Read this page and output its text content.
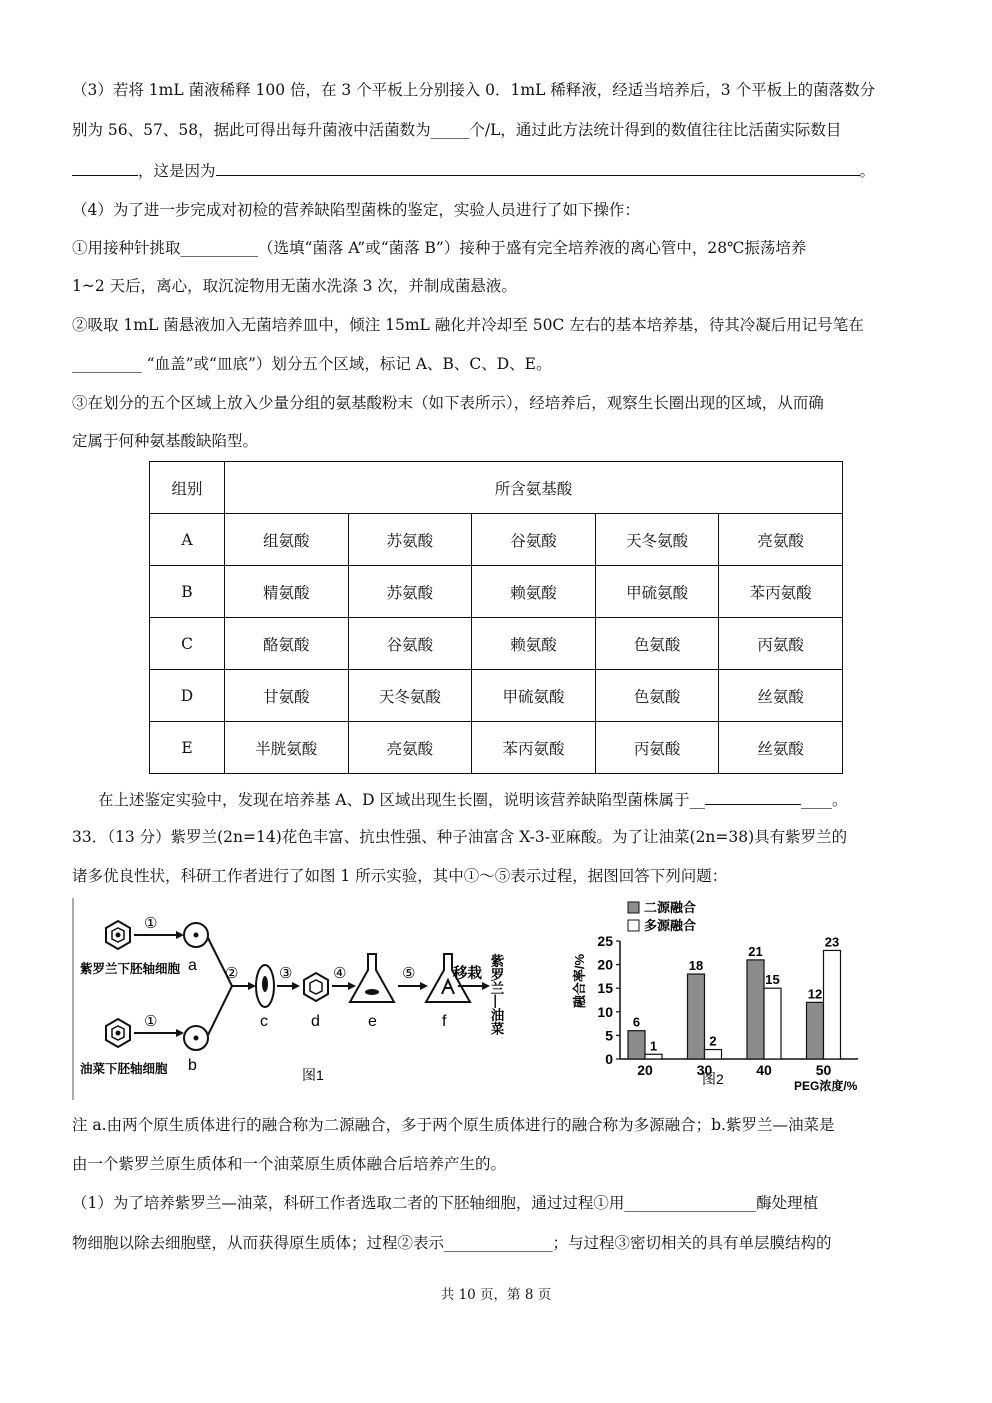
（3）若将 1mL 菌液稀释 100 倍，在 3 个平板上分别接入 0．1mL 稀释液，经适当培养后，3 个平板上的菌落数分
别为 56、57、58，据此可得出每升菌液中活菌数为_____个/L，通过此方法统计得到的数值往往比活菌实际数目
，这是因为	。
（4）为了进一步完成对初检的营养缺陷型菌株的鉴定，实验人员进行了如下操作：
①用接种针挑取__________（选填“菌落 A”或“菌落 B”）接种于盛有完全培养液的离心管中，28℃振荡培养
1~2 天后，离心，取沉淀物用无菌水洗涤 3 次，并制成菌悬液。
②吸取 1mL 菌悬液加入无菌培养皿中，倾注 15mL 融化并冷却至 50C 左右的基本培养基，待其冷凝后用记号笔在
_________ “血盖”或“皿底”）划分五个区域，标记 A、B、C、D、E。
③在划分的五个区域上放入少量分组的氨基酸粉末（如下表所示），经培养后，观察生长圈出现的区域，从而确
定属于何种氨基酸缺陷型。
组别	所含氨基酸				
A	组氨酸	苏氨酸	谷氨酸	天冬氨酸	亮氨酸
B	精氨酸	苏氨酸	赖氨酸	甲硫氨酸	苯丙氨酸
C	酪氨酸	谷氨酸	赖氨酸	色氨酸	丙氨酸
D	甘氨酸	天冬氨酸	甲硫氨酸	色氨酸	丝氨酸
E	半胱氨酸	亮氨酸	苯丙氨酸	丙氨酸	丝氨酸
在上述鉴定实验中，发现在培养基 A、D 区域出现生长圈，说明该营养缺陷型菌株属于__	____。
33．（13 分）紫罗兰(2n=14)花色丰富、抗虫性强、种子油富含 X-3-亚麻酸。为了让油菜(2n=38)具有紫罗兰的
诸多优良性状，科研工作者进行了如图 1 所示实验，其中①～⑤表示过程，据图回答下列问题：
紫罗兰下胚轴细胞
油菜下胚轴细胞
①
①
a
b
②
c
③
d
④
e
⑤
f
移栽 紫罗兰—油菜
图1
二源融合
多源融合
融合率/%
0
5
10
15
20
25
6
1
20
18
2
30
21
15
40
12
23
50
PEG浓度/%
图2
注 a.由两个原生质体进行的融合称为二源融合，多于两个原生质体进行的融合称为多源融合；b.紫罗兰—油菜是
由一个紫罗兰原生质体和一个油菜原生质体融合后培养产生的。
（1）为了培养紫罗兰—油菜，科研工作者选取二者的下胚轴细胞，通过过程①用_________________酶处理植
物细胞以除去细胞壁，从而获得原生质体；过程②表示______________；与过程③密切相关的具有单层膜结构的
共 10 页，第 8 页
